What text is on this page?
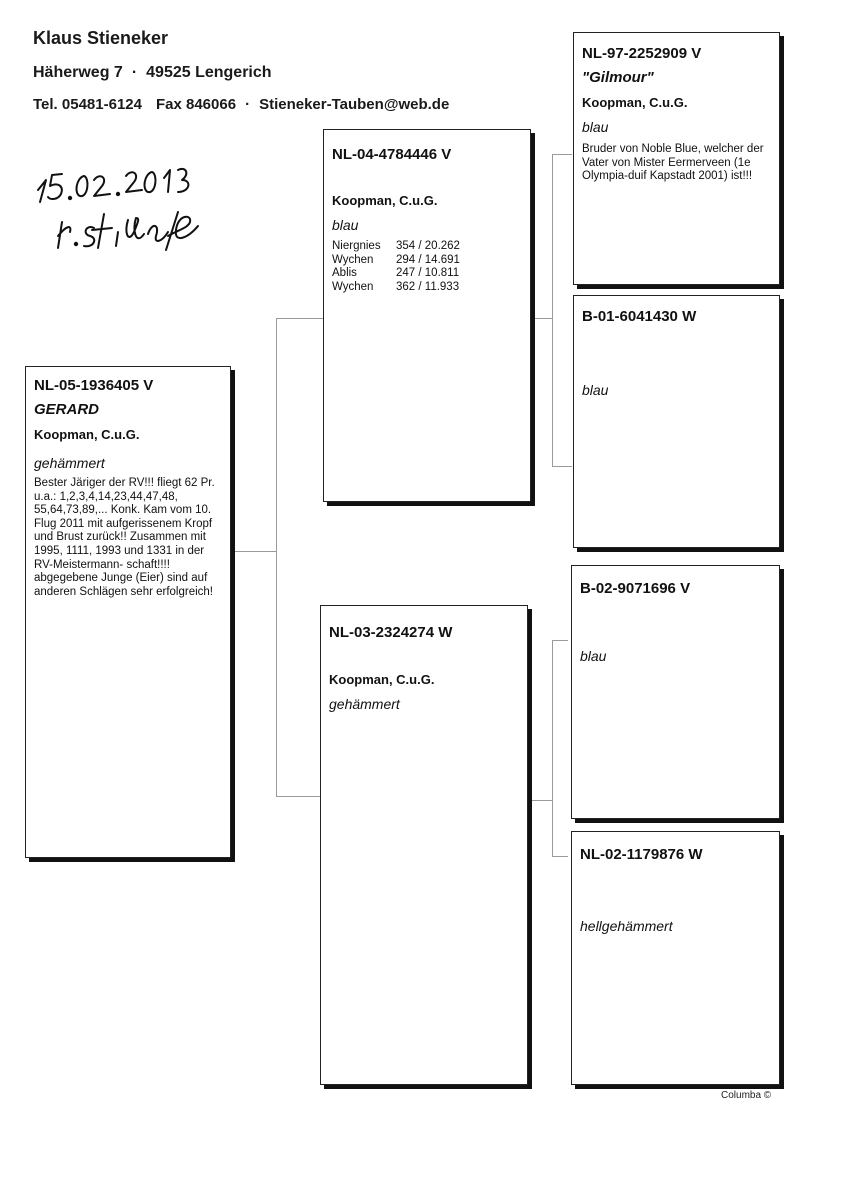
Klaus Stieneker
Häherweg 7 · 49525 Lengerich
Tel. 05481-6124 Fax 846066 · Stieneker-Tauben@web.de
NL-05-1936405 V
GERARD
Koopman, C.u.G.
gehämmert
Bester Järiger der RV!!! fliegt 62 Pr. u.a.: 1,2,3,4,14,23,44,47,48, 55,64,73,89,... Konk. Kam vom 10. Flug 2011 mit aufgerissenem Kropf und Brust zurück!! Zusammen mit 1995, 1111, 1993 und 1331 in der RV-Meistermann- schaft!!!! abgegebene Junge (Eier) sind auf anderen Schlägen sehr erfolgreich!
NL-04-4784446 V
Koopman, C.u.G.
blau
Niergnies 354 / 20.262
Wychen 294 / 14.691
Ablis	247 / 10.811
Wychen 362 / 11.933
NL-03-2324274 W
Koopman, C.u.G.
gehämmert
NL-97-2252909 V
"Gilmour"
Koopman, C.u.G.
blau
Bruder von Noble Blue, welcher der Vater von Mister Eermerveen (1e Olympia-duif Kapstadt 2001) ist!!!
B-01-6041430 W
blau
B-02-9071696 V
blau
NL-02-1179876 W
hellgehämmert
Columba ©
